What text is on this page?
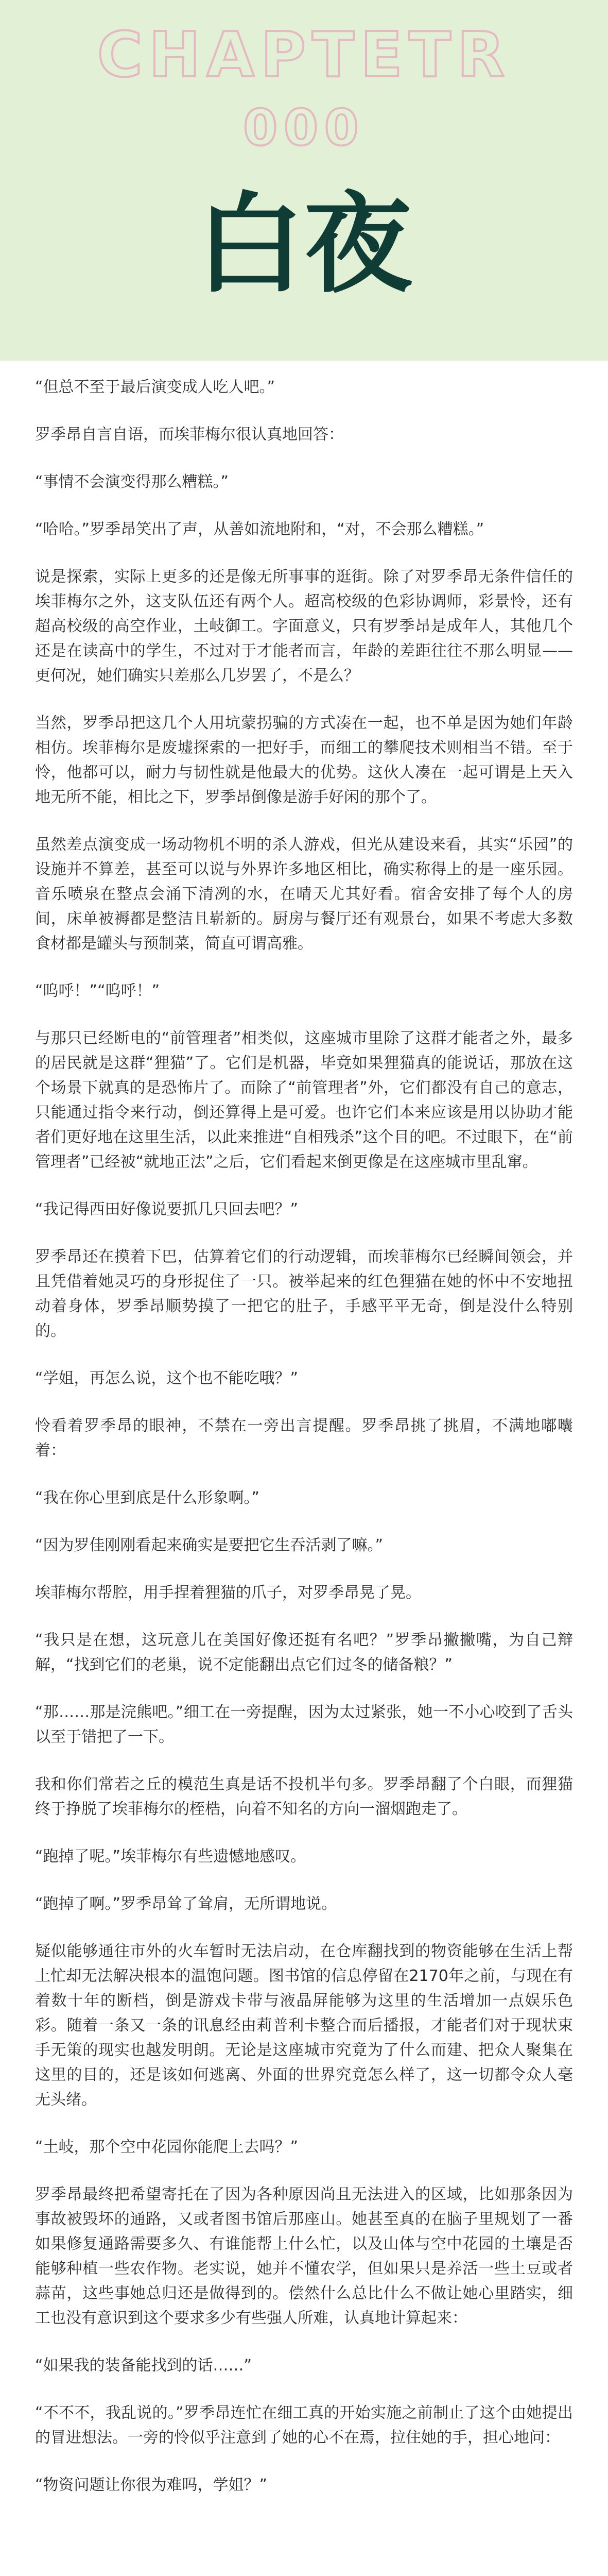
CHAPTETR
000
白夜

“但总不至于最后演变成人吃人吧。”

罗季昂自言自语，而埃菲梅尔很认真地回答：

“事情不会演变得那么糟糕。”

“哈哈。”罗季昂笑出了声，从善如流地附和，“对，不会那么糟糕。”

说是探索，实际上更多的还是像无所事事的逛街。除了对罗季昂无条件信任的埃菲梅尔之外，这支队伍还有两个人。超高校级的色彩协调师，彩景怜，还有超高校级的高空作业，土岐御工。字面意义，只有罗季昂是成年人，其他几个还是在读高中的学生，不过对于才能者而言，年龄的差距往往不那么明显——更何况，她们确实只差那么几岁罢了，不是么？

当然，罗季昂把这几个人用坑蒙拐骗的方式凑在一起，也不单是因为她们年龄相仿。埃菲梅尔是废墟探索的一把好手，而细工的攀爬技术则相当不错。至于怜，他都可以，耐力与韧性就是他最大的优势。这伙人凑在一起可谓是上天入地无所不能，相比之下，罗季昂倒像是游手好闲的那个了。

虽然差点演变成一场动物机不明的杀人游戏，但光从建设来看，其实“乐园”的设施并不算差，甚至可以说与外界许多地区相比，确实称得上的是一座乐园。音乐喷泉在整点会涌下清冽的水，在晴天尤其好看。宿舍安排了每个人的房间，床单被褥都是整洁且崭新的。厨房与餐厅还有观景台，如果不考虑大多数食材都是罐头与预制菜，简直可谓高雅。

“呜呼！”“呜呼！”

与那只已经断电的“前管理者”相类似，这座城市里除了这群才能者之外，最多的居民就是这群“狸猫”了。它们是机器，毕竟如果狸猫真的能说话，那放在这个场景下就真的是恐怖片了。而除了“前管理者”外，它们都没有自己的意志，只能通过指令来行动，倒还算得上是可爱。也许它们本来应该是用以协助才能者们更好地在这里生活，以此来推进“自相残杀”这个目的吧。不过眼下，在“前管理者”已经被“就地正法”之后，它们看起来倒更像是在这座城市里乱窜。

“我记得西田好像说要抓几只回去吧？”

罗季昂还在摸着下巴，估算着它们的行动逻辑，而埃菲梅尔已经瞬间领会，并且凭借着她灵巧的身形捉住了一只。被举起来的红色狸猫在她的怀中不安地扭动着身体，罗季昂顺势摸了一把它的肚子，手感平平无奇，倒是没什么特别的。

“学姐，再怎么说，这个也不能吃哦？”

怜看着罗季昂的眼神，不禁在一旁出言提醒。罗季昂挑了挑眉，不满地嘟囔着：

“我在你心里到底是什么形象啊。”

“因为罗佳刚刚看起来确实是要把它生吞活剥了嘛。”

埃菲梅尔帮腔，用手捏着狸猫的爪子，对罗季昂晃了晃。

“我只是在想，这玩意儿在美国好像还挺有名吧？”罗季昂撇撇嘴，为自己辩解，“找到它们的老巢，说不定能翻出点它们过冬的储备粮？”

“那……那是浣熊吧。”细工在一旁提醒，因为太过紧张，她一不小心咬到了舌头以至于错把了一下。

我和你们常若之丘的模范生真是话不投机半句多。罗季昂翻了个白眼，而狸猫终于挣脱了埃菲梅尔的桎梏，向着不知名的方向一溜烟跑走了。

“跑掉了呢。”埃菲梅尔有些遗憾地感叹。

“跑掉了啊。”罗季昂耸了耸肩，无所谓地说。

疑似能够通往市外的火车暂时无法启动，在仓库翻找到的物资能够在生活上帮上忙却无法解决根本的温饱问题。图书馆的信息停留在2170年之前，与现在有着数十年的断档，倒是游戏卡带与液晶屏能够为这里的生活增加一点娱乐色彩。随着一条又一条的讯息经由莉普利卡整合而后播报，才能者们对于现状束手无策的现实也越发明朗。无论是这座城市究竟为了什么而建、把众人聚集在这里的目的，还是该如何逃离、外面的世界究竟怎么样了，这一切都令众人毫无头绪。

“土岐，那个空中花园你能爬上去吗？”

罗季昂最终把希望寄托在了因为各种原因尚且无法进入的区域，比如那条因为事故被毁坏的通路，又或者图书馆后那座山。她甚至真的在脑子里规划了一番如果修复通路需要多久、有谁能帮上什么忙，以及山体与空中花园的土壤是否能够种植一些农作物。老实说，她并不懂农学，但如果只是养活一些土豆或者蒜苗，这些事她总归还是做得到的。偿然什么总比什么不做让她心里踏实，细工也没有意识到这个要求多少有些强人所难，认真地计算起来：

“如果我的装备能找到的话……”

“不不不，我乱说的。”罗季昂连忙在细工真的开始实施之前制止了这个由她提出的冒进想法。一旁的怜似乎注意到了她的心不在焉，拉住她的手，担心地问：

“物资问题让你很为难吗，学姐？”
